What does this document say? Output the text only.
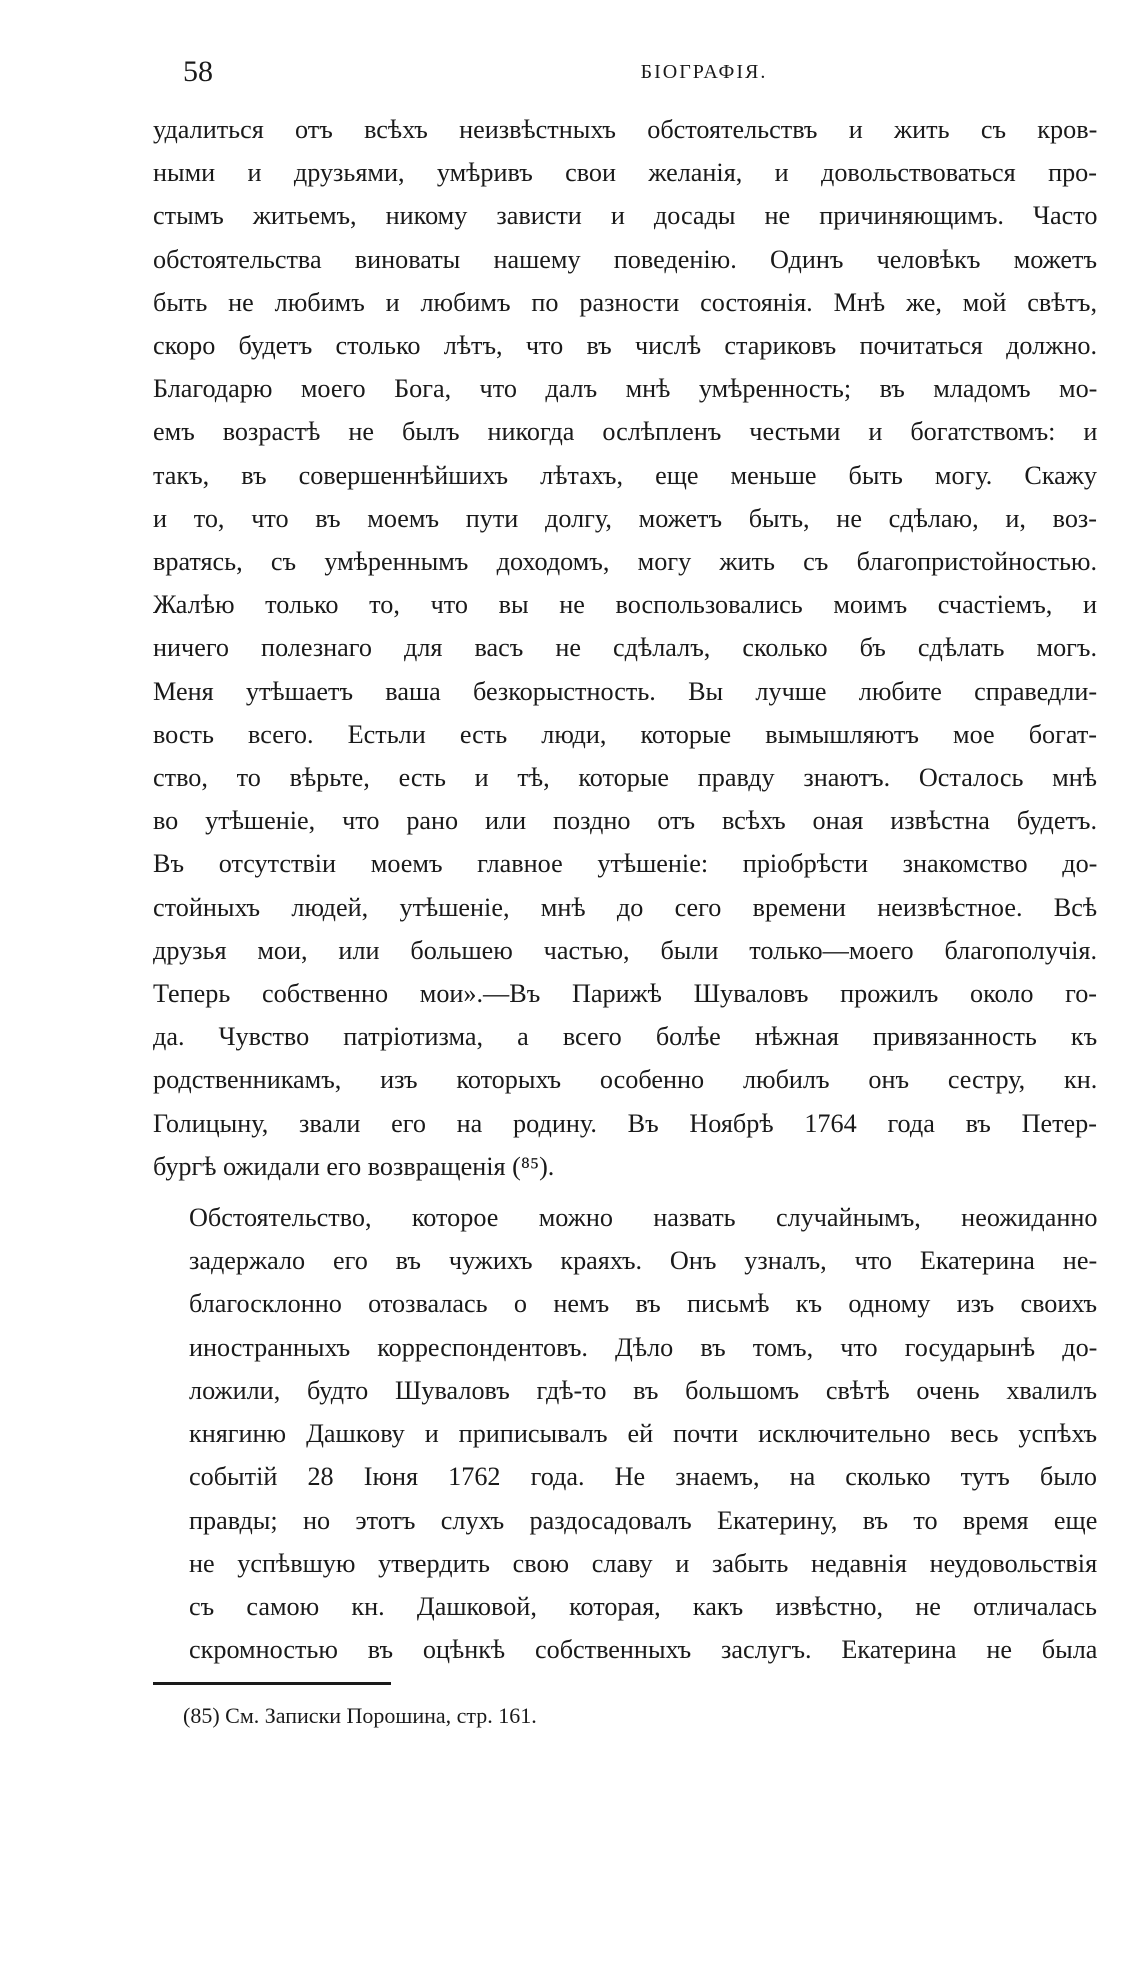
58	БІОГРАФІЯ.
удалиться отъ всѣхъ неизвѣстныхъ обстоятельствъ и жить съ кров-
ными и друзьями, умѣривъ свои желанія, и довольствоваться про-
стымъ житьемъ, никому зависти и досады не причиняющимъ. Часто
обстоятельства виноваты нашему поведенію. Одинъ человѣкъ можетъ
быть не любимъ и любимъ по разности состоянія. Мнѣ же, мой свѣтъ,
скоро будетъ столько лѣтъ, что въ числѣ стариковъ почитаться должно.
Благодарю моего Бога, что далъ мнѣ умѣренность; въ младомъ мо-
емъ возрастѣ не былъ никогда ослѣпленъ честьми и богатствомъ: и
такъ, въ совершеннѣйшихъ лѣтахъ, еще меньше быть могу. Скажу
и то, что въ моемъ пути долгу, можетъ быть, не сдѣлаю, и, воз-
вратясь, съ умѣреннымъ доходомъ, могу жить съ благопристойностью.
Жалѣю только то, что вы не воспользовались моимъ счастіемъ, и
ничего полезнаго для васъ не сдѣлалъ, сколько бъ сдѣлать могъ.
Меня утѣшаетъ ваша безкорыстность. Вы лучше любите справедли-
вость всего. Естьли есть люди, которые вымышляютъ мое богат-
ство, то вѣрьте, есть и тѣ, которые правду знаютъ. Осталось мнѣ
во утѣшеніе, что рано или поздно отъ всѣхъ оная извѣстна будетъ.
Въ отсутствіи моемъ главное утѣшеніе: пріобрѣсти знакомство до-
стойныхъ людей, утѣшеніе, мнѣ до сего времени неизвѣстное. Всѣ
друзья мои, или большею частью, были только—моего благополучія.
Теперь собственно мои».—Въ Парижѣ Шуваловъ прожилъ около го-
да. Чувство патріотизма, а всего болѣе нѣжная привязанность къ
родственникамъ, изъ которыхъ особенно любилъ онъ сестру, кн.
Голицыну, звали его на родину. Въ Ноябрѣ 1764 года въ Петер-
бургѣ ожидали его возвращенія (⁸⁵).
Обстоятельство, которое можно назвать случайнымъ, неожиданно
задержало его въ чужихъ краяхъ. Онъ узналъ, что Екатерина не-
благосклонно отозвалась о немъ въ письмѣ къ одному изъ своихъ
иностранныхъ корреспондентовъ. Дѣло въ томъ, что государынѣ до-
ложили, будто Шуваловъ гдѣ-то въ большомъ свѣтѣ очень хвалилъ
княгиню Дашкову и приписывалъ ей почти исключительно весь успѣхъ
событій 28 Іюня 1762 года. Не знаемъ, на сколько тутъ было
правды; но этотъ слухъ раздосадовалъ Екатерину, въ то время еще
не успѣвшую утвердить свою славу и забыть недавнія неудовольствія
съ самою кн. Дашковой, которая, какъ извѣстно, не отличалась
скромностью въ оцѣнкѣ собственныхъ заслугъ. Екатерина не была
(85) См. Записки Порошина, стр. 161.
